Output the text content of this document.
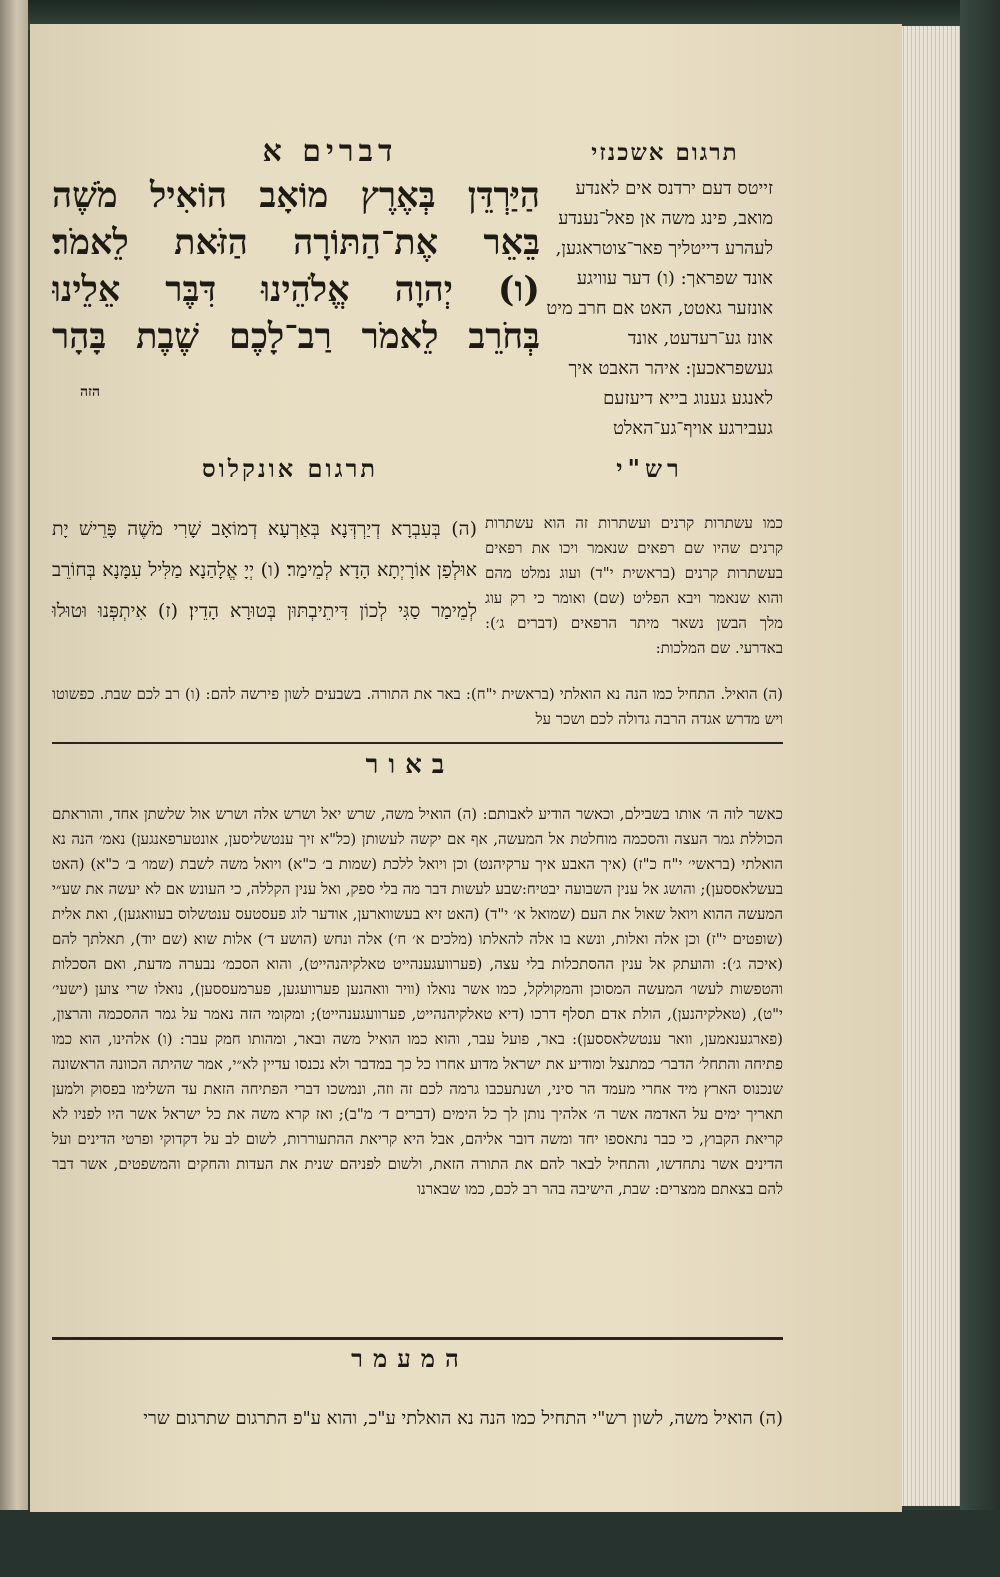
דברים א	תרגום אשכנזי

הַיַּרְדֵּן בְּאֶרֶץ מוֹאָב הוֹאִיל מֹשֶׁה

בֵּאֵר אֶת־הַתּוֹרָה הַזֹּאת לֵאמֹר׃

(ו) יְהוָה אֱלֹהֵינוּ דִּבֶּר אֵלֵינוּ

בְּחֹרֵב לֵאמֹר רַב־לָכֶם שֶׁבֶת בָּהָר

הזה
זייטס דעם ירדנס אים לאנדע מואב, פינג משה אן פאל־נענדע לעהרע דייטליך פאר־צוטראגען, אונד שפראך: (ו) דער עוויגע אונזער גאטט, האט אם חרב מיט אונז גע־רעדעט, אונד געשפראכען: איהר האבט איך לאנגע גענוג בייא דיעזעם געבירגע אויף־גע־האלט
רש"י
תרגום אונקלוס
(ה) בְּעִבְרָא דְיַרְדְּנָא בְּאַרְעָא דְמוֹאָב שָׁרִי מֹשֶׁה פָּרֵישׁ יָת אוּלְפַן אוֹרָיְתָא הָדָא לְמֵימַר׃ (ו) יְיָ אֱלָהַנָא מַלִּיל עִמָּנָא בְּחוֹרֵב לְמֵימַר סַגִּי לְכוֹן דִּיתֵיבְתּוּן בְּטוּרָא הָדֵין׃ (ז) אִיתְפְּנוּ וּטוּלוּ
כמו עשתרות קרנים ועשתרות זה הוא עשתרות קרנים שהיו שם רפאים שנאמר ויכו את רפאים בעשתרות קרנים (בראשית י"ד) ועוג נמלט מהם והוא שנאמר ויבא הפליט (שם) ואומר כי רק עוג מלך הבשן נשאר מיתר הרפאים (דברים ג׳): באדרעי. שם המלכות:
(ה) הואיל. התחיל כמו הנה נא הואלתי (בראשית י"ח): באר את התורה. בשבעים לשון פירשה להם: (ו) רב לכם שבת. כפשוטו ויש מדרש אגדה הרבה גדולה לכם ושכר על
באור
כאשר לוה ה׳ אותו בשבילם, וכאשר הודיע לאבותם: (ה) הואיל משה, שרש יאל ושרש אלה ושרש אול שלשתן אחד, והוראתם הכוללת גמר העצה והסכמה מוחלטת אל המעשה, אף אם יקשה לעשותן (כל"א זיך ענטשליסען, אונטערפאנגען) נאמ׳ הנה נא הואלתי (בראשי׳ י"ח כ"ז) (איך האבע איך ערקיהנט) וכן ויואל ללכת (שמות ב׳ כ"א) ויואל משה לשבת (שמו׳ ב׳ כ"א) (האט בעשלאססען); והושג אל ענין השבועה יבטיח:שבע לעשות דבר מה בלי ספק, ואל ענין הקללה, כי העונש אם לא יעשה את שע״י המעשה ההוא ויואל שאול את העם (שמואל א׳ י"ד) (האט זיא בעשווארען, אודער לוג פעסטעס ענטשלוס בעוואגען), ואת אלית (שופטים י"ז) וכן אלה ואלות, ונשא בו אלה להאלתו (מלכים א׳ ח׳) אלה ונחש (הושע ד׳) אלות שוא (שם יוד), תאלתך להם (איכה ג׳): והועתק אל ענין ההסתכלות בלי עצה, (פערוועגענהייט טאלקיהנהייט), והוא הסכמ׳ נבערה מדעת, ואם הסכלות והטפשות לעשו׳ המעשה המסוכן והמקולקל, כמו אשר נואלו (וויר וואהנען פערוועגען, פערמעססען), נואלו שרי צוען (ישעי׳ י"ט), (טאלקיהנען), הולת אדם תסלף דרכו (דיא טאלקיהנהייט, פערוועגענהייט); ומקומי הזה נאמר על גמר ההסכמה והרצון, (פארגענאמען, וואר ענטשלאססען): באר, פועל עבר, והוא כמו הואיל משה ובאר, ומהותו חמק עבר: (ו) אלהינו, הוא כמו פתיחה והתחל׳ הדבר׳ כמתנצל ומודיע את ישראל מדוע אחרו כל כך במדבר ולא נכנסו עדיין לא״י, אמר שהיתה הכוונה הראשונה שנכנוס הארץ מיד אחרי מעמד הר סיני, ושנתעכבו גרמה לכם זה וזה, ונמשכו דברי הפתיחה הזאת עד השלימו בפסוק ולמען תאריך ימים על האדמה אשר ה׳ אלהיך נותן לך כל הימים (דברים ד׳ מ"ב); ואז קרא משה את כל ישראל אשר היו לפניו לא קריאת הקבוץ, כי כבר נתאספו יחד ומשה דובר אליהם, אבל היא קריאת ההתעוררות, לשום לב על דקדוקי ופרטי הדינים ועל הדינים אשר נתחדשו, והתחיל לבאר להם את התורה הזאת, ולשום לפניהם שנית את העדות והחקים והמשפטים, אשר דבר להם בצאתם ממצרים: שבת, הישיבה בהר רב לכם, כמו שבארנו
המעמר
(ה) הואיל משה, לשון רש"י התחיל כמו הנה נא הואלתי ע"כ, והוא ע"פ התרגום שתרגום שרי
